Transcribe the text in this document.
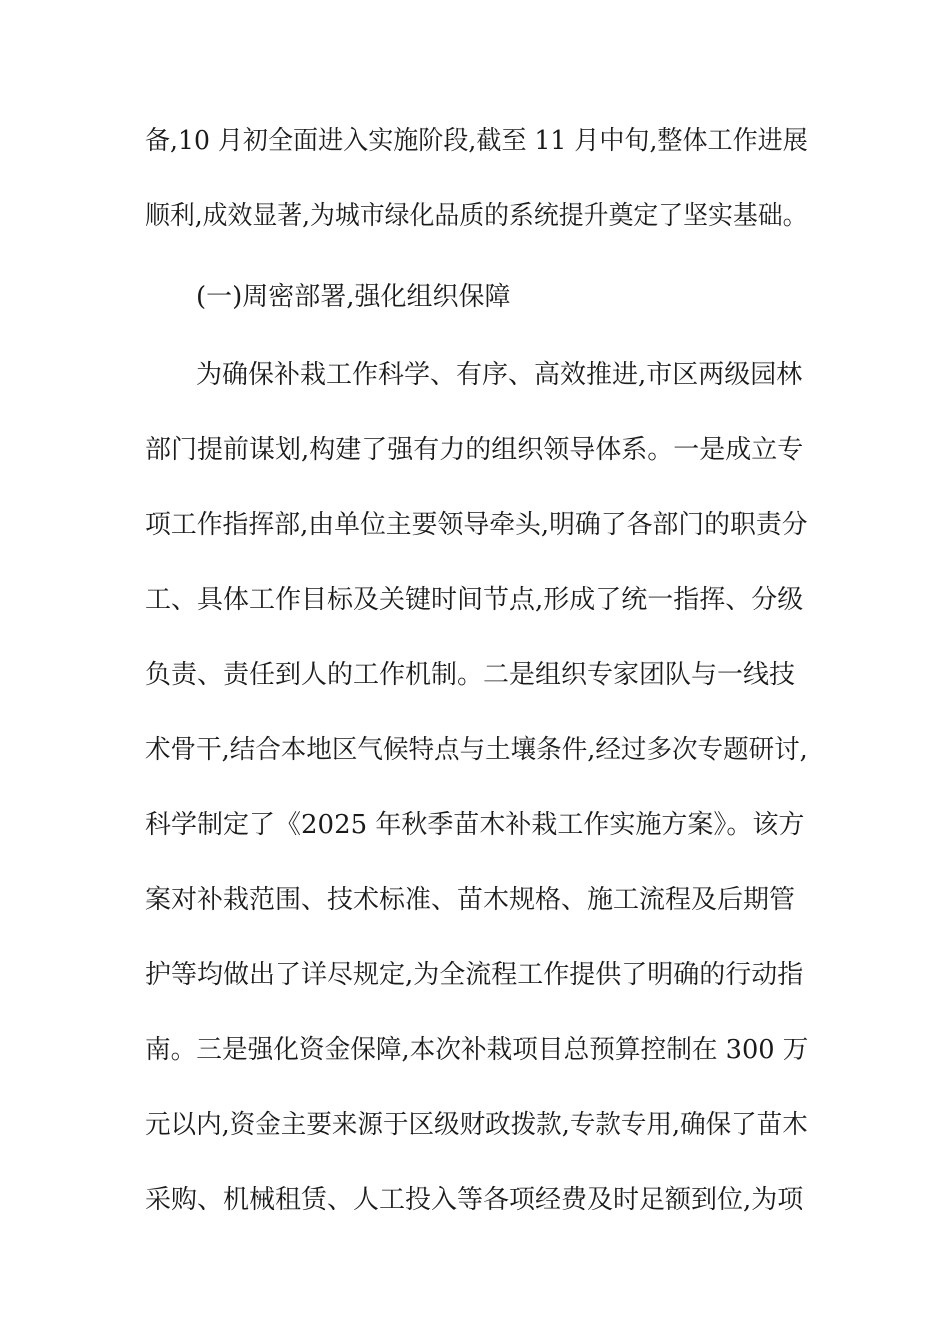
备,10 月初全面进入实施阶段,截至 11 月中旬,整体工作进展
顺利,成效显著,为城市绿化品质的系统提升奠定了坚实基础。
(一)周密部署,强化组织保障
为确保补栽工作科学、有序、高效推进,市区两级园林
部门提前谋划,构建了强有力的组织领导体系。一是成立专
项工作指挥部,由单位主要领导牵头,明确了各部门的职责分
工、具体工作目标及关键时间节点,形成了统一指挥、分级
负责、责任到人的工作机制。二是组织专家团队与一线技
术骨干,结合本地区气候特点与土壤条件,经过多次专题研讨,
科学制定了《2025 年秋季苗木补栽工作实施方案》。该方
案对补栽范围、技术标准、苗木规格、施工流程及后期管
护等均做出了详尽规定,为全流程工作提供了明确的行动指
南。三是强化资金保障,本次补栽项目总预算控制在 300 万
元以内,资金主要来源于区级财政拨款,专款专用,确保了苗木
采购、机械租赁、人工投入等各项经费及时足额到位,为项
